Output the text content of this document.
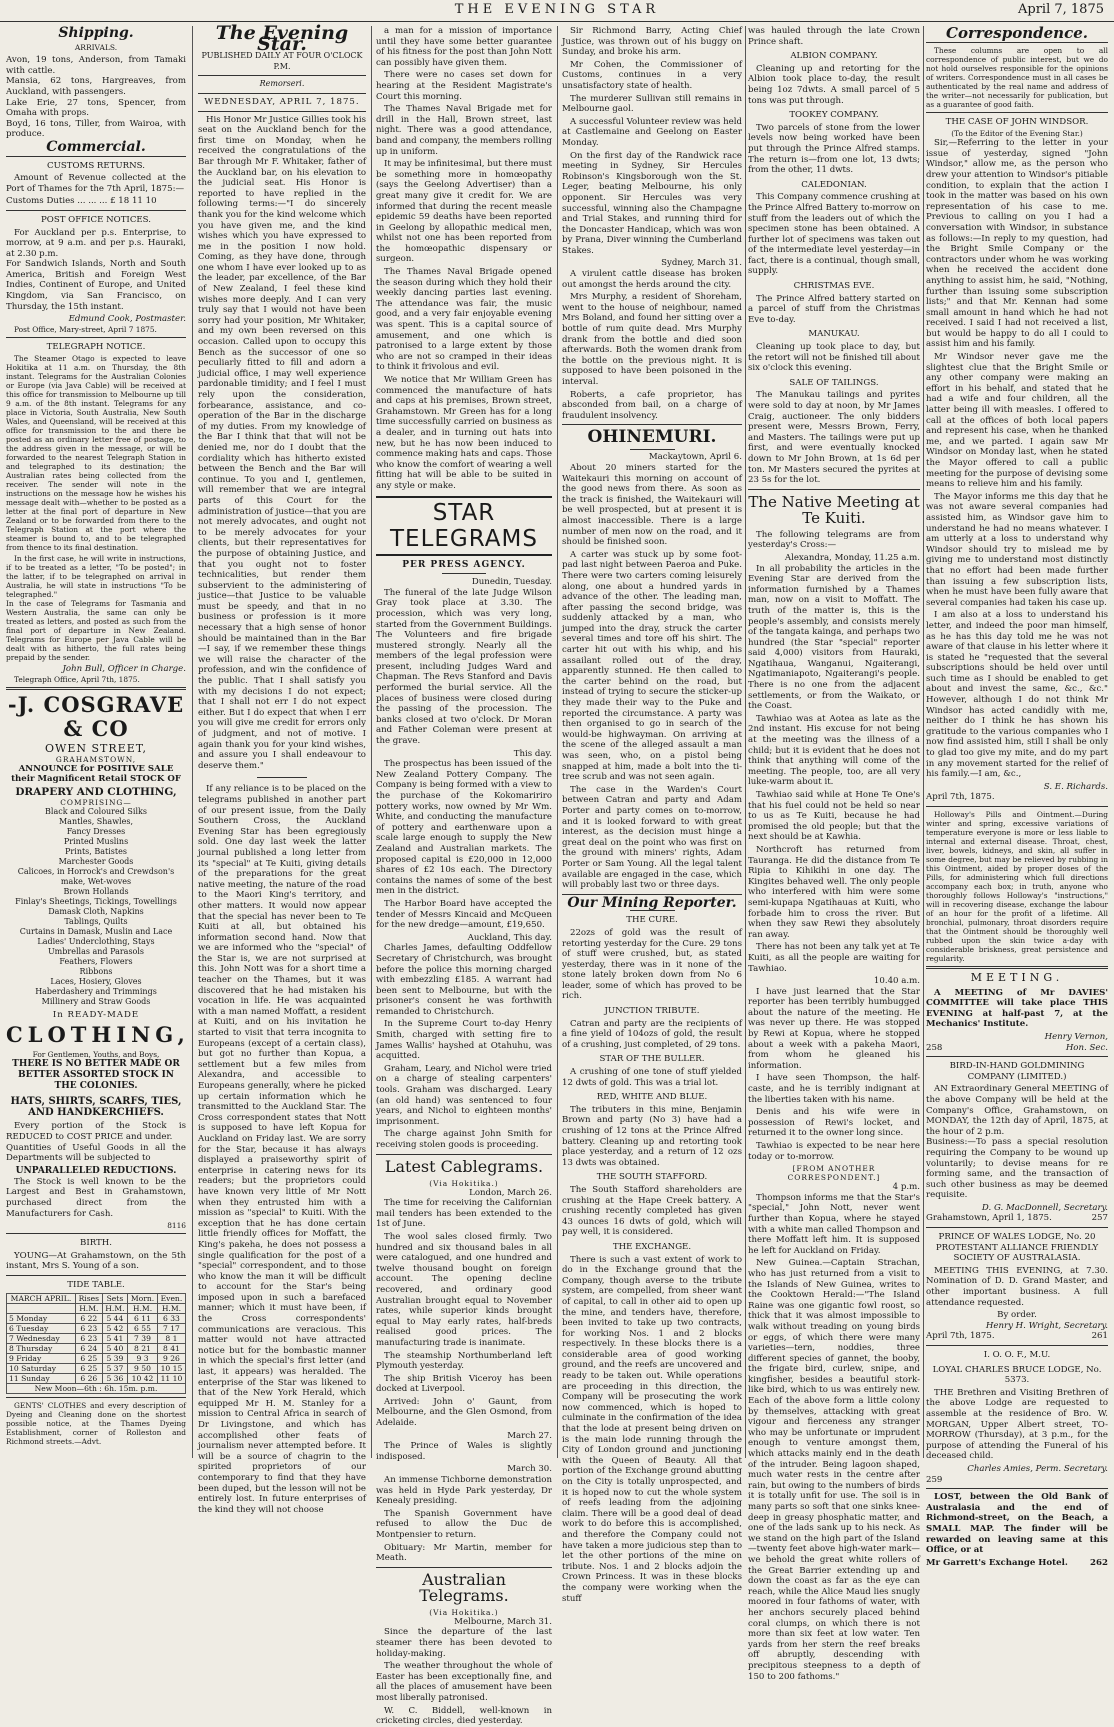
THE EVENING STAR	April 7, 1875
Shipping.
ARRIVALS.

Avon, 19 tons, Anderson, from Tamaki with cattle.
Mansia, 62 tons, Hargreaves, from Auckland, with passengers.
Lake Erie, 27 tons, Spencer, from Omaha with props.
Boyd, 16 tons, Tiller, from Wairoa, with produce.

Commercial.
CUSTOMS RETURNS.

Amount of Revenue collected at the Port of Thames for the 7th April, 1875:—

Customs Duties ... ... ... £ 18 11 10

POST OFFICE NOTICES.

For Auckland per p.s. Enterprise, to morrow, at 9 a.m. and per p.s. Hauraki, at 2.30 p.m.
For Sandwich Islands, North and South America, British and Foreign West Indies, Continent of Europe, and United Kingdom, via San Francisco, on Thursday, the 15th instant.

Edmund Cook, Postmaster.

Post Office, Mary-street, April 7 1875.

TELEGRAPH NOTICE.

The Steamer Otago is expected to leave Hokitika at 11 a.m. on Thursday, the 8th instant. Telegrams for the Australian Colonies or Europe (via Java Cable) will be received at this office for transmission to Melbourne up till 9 a.m. of the 8th instant. Telegrams for any place in Victoria, South Australia, New South Wales, and Queensland, will be received at this office for transmission to the and there be posted as an ordinary letter free of postage, to the address given in the message, or will be forwarded to the nearest Telegraph Station in and telegraphed to its destination; the Australian rates being collected from the receiver. The sender will note in the instructions on the message how he wishes his message dealt with—whether to be posted as a letter at the final port of departure in New Zealand or to be forwarded from there to the Telegraph Station at the port where the steamer is bound to, and to be telegraphed from thence to its final destination.

In the first case, he will write in instructions, if to be treated as a letter, "To be posted"; in the latter, if to be telegraphed on arrival in Australia, he will state in instructions "To be telegraphed."
In the case of Telegrams for Tasmania and Western Australia, the same can only be treated as letters, and posted as such from the final port of departure in New Zealand. Telegrams for Europe per Java Cable will be dealt with as hitherto, the full rates being prepaid by the sender.

John Bull, Officer in Charge.

Telegraph Office, April 7th, 1875.

-J. COSGRAVE & CO
OWEN STREET,
GRAHAMSTOWN,

ANNOUNCE for POSITIVE SALE their Magnificent Retail STOCK OF

DRAPERY AND CLOTHING,
COMPRISING—
Black and Coloured Silks
Mantles, Shawles,
Fancy Dresses
Printed Muslins
Prints, Batistes
Marchester Goods
Calicoes, in Horrock's and Crewdson's make, Wet-woves
Brown Hollands
Finlay's Sheetings, Tickings, Towellings
Damask Cloth, Napkins
Tablings, Quilts
Curtains in Damask, Muslin and Lace
Ladies' Underclothing, Stays
Umbrellas and Parasols
Feathers, Flowers
Ribbons
Laces, Hosiery, Gloves
Haberdashery and Trimmings
Millinery and Straw Goods
In READY-MADE
CLOTHING,
For Gentlemen, Youths, and Boys,
THERE IS NO BETTER MADE OR BETTER ASSORTED STOCK IN THE COLONIES.
HATS, SHIRTS, SCARFS, TIES, AND HANDKERCHIEFS.

Every portion of the Stock is REDUCED to COST PRICE and under.
Quantities of Useful Goods in all the Departments will be subjected to

UNPARALLELED REDUCTIONS.

The Stock is well known to be the Largest and Best in Grahamstown, purchased direct from the Manufacturers for Cash.

8116
BIRTH.

YOUNG—At Grahamstown, on the 5th instant, Mrs S. Young of a son.

TIDE TABLE.
MARCH APRIL.	Rises	Sets	Morn.	Even.
	H.M.	H.M.	H.M.	H.M.
5 Monday	6 22	5 44	6 11	6 33
6 Tuesday	6 23	5 42	6 55	7 17
7 Wednesday	6 23	5 41	7 39	8 1
8 Thursday	6 24	5 40	8 21	8 41
9 Friday	6 25	5 39	9 3	9 26
10 Saturday	6 25	5 37	9 50	10 15
11 Sunday	6 26	5 36	10 42	11 10
New Moon—6th : 6h. 15m. p.m.				

GENTS' CLOTHES and every description of Dyeing and Cleaning done on the shortest possible notice, at the Thames Dyeing Establishment, corner of Rolleston and Richmond streets.—Advt.

The Evening Star.
PUBLISHED DAILY AT FOUR O'CLOCK P.M.
Remorseri.
WEDNESDAY, APRIL 7, 1875.

His Honor Mr Justice Gillies took his seat on the Auckland bench for the first time on Monday, when he received the congratulations of the Bar through Mr F. Whitaker, father of the Auckland bar, on his elevation to the judicial seat. His Honor is reported to have replied in the following terms:—"I do sincerely thank you for the kind welcome which you have given me, and the kind wishes which you have expressed to me in the position I now hold. Coming, as they have done, through one whom I have ever looked up to as the leader, par excellence, of the Bar of New Zealand, I feel these kind wishes more deeply. And I can very truly say that I would not have been sorry had your position, Mr Whitaker, and my own been reversed on this occasion. Called upon to occupy this Bench as the successor of one so peculiarly fitted to fill and adorn a judicial office, I may well experience pardonable timidity; and I feel I must rely upon the consideration, forbearance, assistance, and co-operation of the Bar in the discharge of my duties. From my knowledge of the Bar I think that that will not be denied me, nor do I doubt that the cordiality which has hitherto existed between the Bench and the Bar will continue. To you and I, gentlemen, will remember that we are integral parts of this Court for the administration of justice—that you are not merely advocates, and ought not to be merely advocates for your clients, but their representatives for the purpose of obtaining Justice, and that you ought not to foster technicalities, but render them subservient to the administering of justice—that Justice to be valuable must be speedy, and that in no business or profession is it more necessary that a high sense of honor should be maintained than in the Bar—I say, if we remember these things we will raise the character of the profession, and win the confidence of the public. That I shall satisfy you with my decisions I do not expect; that I shall not err I do not expect either. But I do expect that when I err you will give me credit for errors only of judgment, and not of motive. I again thank you for your kind wishes, and assure you I shall endeavour to deserve them."

If any reliance is to be placed on the telegrams published in another part of our present issue, from the Daily Southern Cross, the Auckland Evening Star has been egregiously sold. One day last week the latter journal published a long letter from its "special" at Te Kuiti, giving details of the preparations for the great native meeting, the nature of the road to the Maori King's territory, and other matters. It would now appear that the special has never been to Te Kuiti at all, but obtained his information second hand. Now that we are informed who the "special" of the Star is, we are not surprised at this. John Nott was for a short time a teacher on the Thames, but it was discovered that he had mistaken his vocation in life. He was acquainted with a man named Moffatt, a resident at Kuiti, and on his invitation he started to visit that terra incognita to Europeans (except of a certain class), but got no further than Kopua, a settlement but a few miles from Alexandra, and accessible to Europeans generally, where he picked up certain information which he transmitted to the Auckland Star. The Cross correspondent states that Nott is supposed to have left Kopua for Auckland on Friday last. We are sorry for the Star, because it has always displayed a praiseworthy spirit of enterprise in catering news for its readers; but the proprietors could have known very little of Mr Nott when they entrusted him with a mission as "special" to Kuiti. With the exception that he has done certain little friendly offices for Moffatt, the King's pakeha, he does not possess a single qualification for the post of a "special" correspondent, and to those who know the man it will be difficult to account for the Star's being imposed upon in such a barefaced manner; which it must have been, if the Cross correspondents' communications are veracious. This matter would not have attracted notice but for the bombastic manner in which the special's first letter (and last, it appears) was heralded. The enterprise of the Star was likened to that of the New York Herald, which equipped Mr H. M. Stanley for a mission to Central Africa in search of Dr Livingstone, and which has accomplished other feats of journalism never attempted before. It will be a source of chagrin to the spirited proprietors of our contemporary to find that they have been duped, but the lesson will not be entirely lost. In future enterprises of the kind they will not choose

a man for a mission of importance until they have some better guarantee of his fitness for the post than John Nott can possibly have given them.

There were no cases set down for hearing at the Resident Magistrate's Court this morning.

The Thames Naval Brigade met for drill in the Hall, Brown street, last night. There was a good attendance, band and company, the members rolling up in uniform.

It may be infinitesimal, but there must be something more in homœopathy (says the Geelong Advertiser) than a great many give it credit for. We are informed that during the recent measle epidemic 59 deaths have been reported in Geelong by allopathic medical men, whilst not one has been reported from the homœopathic dispensary or surgeon.

The Thames Naval Brigade opened the season during which they hold their weekly dancing parties last evening. The attendance was fair, the music good, and a very fair enjoyable evening was spent. This is a capital source of amusement, and one which is patronised to a large extent by those who are not so cramped in their ideas to think it frivolous and evil.

We notice that Mr William Green has commenced the manufacture of hats and caps at his premises, Brown street, Grahamstown. Mr Green has for a long time successfully carried on business as a dealer, and in turning out hats into new, but he has now been induced to commence making hats and caps. Those who know the comfort of wearing a well fitting hat will be able to be suited in any style or make.

STAR TELEGRAMS
PER PRESS AGENCY.
Dunedin, Tuesday.

The funeral of the late Judge Wilson Gray took place at 3.30. The procession, which was very long, started from the Government Buildings. The Volunteers and fire brigade mustered strongly. Nearly all the members of the legal profession were present, including Judges Ward and Chapman. The Revs Stanford and Davis performed the burial service. All the places of business were closed during the passing of the procession. The banks closed at two o'clock. Dr Moran and Father Coleman were present at the grave.

This day.

The prospectus has been issued of the New Zealand Pottery Company. The Company is being formed with a view to the purchase of the Kokomaririro pottery works, now owned by Mr Wm. White, and conducting the manufacture of pottery and earthenware upon a scale large enough to supply the New Zealand and Australian markets. The proposed capital is £20,000 in 12,000 shares of £2 10s each. The Directory contains the names of some of the best men in the district.

The Harbor Board have accepted the tender of Messrs Kincaid and McQueen for the new dredge—amount, £19,650.

Auckland, This day.

Charles James, defaulting Oddfellow Secretary of Christchurch, was brought before the police this morning charged with embezzling £185. A warrant had been sent to Melbourne, but with the prisoner's consent he was forthwith remanded to Christchurch.

In the Supreme Court to-day Henry Smith, charged with setting fire to James Wallis' hayshed at Otahuhu, was acquitted.

Graham, Leary, and Nichol were tried on a charge of stealing carpenters' tools. Graham was discharged. Leary (an old hand) was sentenced to four years, and Nichol to eighteen months' imprisonment.

The charge against John Smith for receiving stolen goods is proceeding.

Latest Cablegrams.
(Via Hokitika.)
London, March 26.

The time for receiving the Californian mail tenders has been extended to the 1st of June.

The wool sales closed firmly. Two hundred and six thousand bales in all were catalogued, and one hundred and twelve thousand bought on foreign account. The opening decline recovered, and ordinary good Australian brought equal to November rates, while superior kinds brought equal to May early rates, half-breds realised good prices. The manufacturing trade is inanimate.

The steamship Northumberland left Plymouth yesterday.

The ship British Viceroy has been docked at Liverpool.

Arrived: John o' Gaunt, from Melbourne, and the Glen Osmond, from Adelaide.

March 27.

The Prince of Wales is slightly indisposed.

March 30.

An immense Tichborne demonstration was held in Hyde Park yesterday, Dr Kenealy presiding.

The Spanish Government have refused to allow the Duc de Montpensier to return.

Obituary: Mr Martin, member for Meath.

Australian Telegrams.
(Via Hokitika.)
Melbourne, March 31.

Since the departure of the last steamer there has been devoted to holiday-making.

The weather throughout the whole of Easter has been exceptionally fine, and all the places of amusement have been most liberally patronised.

W. C. Biddell, well-known in cricketing circles, died yesterday.

Sir Richmond Barry, Acting Chief Justice, was thrown out of his buggy on Sunday, and broke his arm.

Mr Cohen, the Commissioner of Customs, continues in a very unsatisfactory state of health.

The murderer Sullivan still remains in Melbourne gaol.

A successful Volunteer review was held at Castlemaine and Geelong on Easter Monday.

On the first day of the Randwick race meeting in Sydney, Sir Hercules Robinson's Kingsborough won the St. Leger, beating Melbourne, his only opponent. Sir Hercules was very successful, winning also the Champagne and Trial Stakes, and running third for the Doncaster Handicap, which was won by Prana, Diver winning the Cumberland Stakes.

Sydney, March 31.

A virulent cattle disease has broken out amongst the herds around the city.

Mrs Murphy, a resident of Shoreham, went to the house of neighbour, named Mrs Boland, and found her sitting over a bottle of rum quite dead. Mrs Murphy drank from the bottle and died soon afterwards. Both the women drank from the bottle on the previous night. It is supposed to have been poisoned in the interval.

Roberts, a cafe proprietor, has absconded from bail, on a charge of fraudulent insolvency.

OHINEMURI.
Mackaytown, April 6.

About 20 miners started for the Waitekauri this morning on account of the good news from there. As soon as the track is finished, the Waitekauri will be well prospected, but at present it is almost inaccessible. There is a large number of men now on the road, and it should be finished soon.

A carter was stuck up by some foot-pad last night between Paeroa and Puke. There were two carters coming leisurely along, one about a hundred yards in advance of the other. The leading man, after passing the second bridge, was suddenly attacked by a man, who jumped into the dray, struck the carter several times and tore off his shirt. The carter hit out with his whip, and his assailant rolled out of the dray, apparently stunned. He then called to the carter behind on the road, but instead of trying to secure the sticker-up they made their way to the Puke and reported the circumstance. A party was then organised to go in search of the would-be highwayman. On arriving at the scene of the alleged assault a man was seen, who, on a pistol being snapped at him, made a bolt into the ti-tree scrub and was not seen again.

The case in the Warden's Court between Catran and party and Adam Porter and party comes on to-morrow, and it is looked forward to with great interest, as the decision must hinge a great deal on the point who was first on the ground with miners' rights, Adam Porter or Sam Young. All the legal talent available are engaged in the case, which will probably last two or three days.

Our Mining Reporter.
THE CURE.

22ozs of gold was the result of retorting yesterday for the Cure. 29 tons of stuff were crushed, but, as stated yesterday, there was in it none of the stone lately broken down from No 6 leader, some of which has proved to be rich.

JUNCTION TRIBUTE.

Catran and party are the recipients of a fine yield of 104ozs of gold, the result of a crushing, just completed, of 29 tons.

STAR OF THE BULLER.

A crushing of one tone of stuff yielded 12 dwts of gold. This was a trial lot.

RED, WHITE AND BLUE.

The tributers in this mine, Benjamin Brown and party (No 3) have had a crushing of 12 tons at the Prince Alfred battery. Cleaning up and retorting took place yesterday, and a return of 12 ozs 13 dwts was obtained.

THE SOUTH STAFFORD.

The South Stafford shareholders are crushing at the Hape Creek battery. A crushing recently completed has given 43 ounces 16 dwts of gold, which will pay well, it is considered.

THE EXCHANGE.

There is such a vast extent of work to do in the Exchange ground that the Company, though averse to the tribute system, are compelled, from sheer want of capital, to call in other aid to open up the mine, and tenders have, therefore, been invited to take up two contracts, for working Nos. 1 and 2 blocks respectively. In these blocks there is a considerable area of good working ground, and the reefs are uncovered and ready to be taken out. While operations are proceeding in this direction, the Company will be prosecuting the work now commenced, which is hoped to culminate in the confirmation of the idea that the lode at present being driven on is the main lode running through the City of London ground and junctioning with the Queen of Beauty. All that portion of the Exchange ground abutting on the City is totally unprospected, and it is hoped now to cut the whole system of reefs leading from the adjoining claim. There will be a good deal of dead work to do before this is accomplished, and therefore the Company could not have taken a more judicious step than to let the other portions of the mine on tribute. Nos. 1 and 2 blocks adjoin the Crown Princess. It was in these blocks the company were working when the stuff

was hauled through the late Crown Prince shaft.

ALBION COMPANY.

Cleaning up and retorting for the Albion took place to-day, the result being 1oz 7dwts. A small parcel of 5 tons was put through.

TOOKEY COMPANY.

Two parcels of stone from the lower levels now being worked have been put through the Prince Alfred stamps. The return is—from one lot, 13 dwts; from the other, 11 dwts.

CALEDONIAN.

This Company commence crushing at the Prince Alfred Battery to-morrow on stuff from the leaders out of which the specimen stone has been obtained. A further lot of specimens was taken out of the intermediate level yesterday—in fact, there is a continual, though small, supply.

CHRISTMAS EVE.

The Prince Alfred battery started on a parcel of stuff from the Christmas Eve to-day.

MANUKAU.

Cleaning up took place to day, but the retort will not be finished till about six o'clock this evening.

SALE OF TAILINGS.

The Manukau tailings and pyrites were sold to day at noon, by Mr James Craig, auctioneer. The only bidders present were, Messrs Brown, Ferry, and Masters. The tailings were put up first, and were eventually knocked down to Mr John Brown, at 1s 6d per ton. Mr Masters secured the pyrites at 23 5s for the lot.

The Native Meeting at Te Kuiti.

The following telegrams are from yesterday's Cross:—

Alexandra, Monday, 11.25 a.m.

In all probability the articles in the Evening Star are derived from the information furnished by a Thames man, now on a visit to Moffatt. The truth of the matter is, this is the people's assembly, and consists merely of the tangata kainga, and perhaps two hundred (the Star "special" reporter said 4,000) visitors from Hauraki, Ngatihaua, Wanganui, Ngaiterangi, Ngatimaniapoto, Ngaiterangi's people. There is no one from the adjacent settlements, or from the Waikato, or the Coast.

Tawhiao was at Aotea as late as the 2nd instant. His excuse for not being at the meeting was the illness of a child; but it is evident that he does not think that anything will come of the meeting. The people, too, are all very luke-warm about it.

Tawhiao said while at Hone Te One's that his fuel could not be held so near to us as Te Kuiti, because he had promised the old people; but that the next should be at Kawhia.

Northcroft has returned from Tauranga. He did the distance from Te Ripia to Kihikihi in one day. The Kingites behaved well. The only people who interfered with him were some semi-kupapa Ngatihauas at Kuiti, who forbade him to cross the river. But when they saw Rewi they absolutely ran away.

There has not been any talk yet at Te Kuiti, as all the people are waiting for Tawhiao.

10.40 a.m.

I have just learned that the Star reporter has been terribly humbugged about the nature of the meeting. He was never up there. He was stopped by Rewi at Kopua, where he stopped about a week with a pakeha Maori, from whom he gleaned his information.

I have seen Thompson, the half-caste, and he is terribly indignant at the liberties taken with his name.

Denis and his wife were in possession of Rewi's locket, and returned it to the owner long since.

Tawhiao is expected to be near here today or to-morrow.

[FROM ANOTHER CORRESPONDENT.]
4 p.m.

Thompson informs me that the Star's "special," John Nott, never went further than Kopua, where he stayed with a white man called Thompson and there Moffatt left him. It is supposed he left for Auckland on Friday.

New Guinea.—Captain Strachan, who has just returned from a visit to the Islands of New Guinea, writes to the Cooktown Herald:—"The Island Raine was one gigantic fowl roost, so thick that it was almost impossible to walk without treading on young birds or eggs, of which there were many varieties—tern, noddies, three different species of gannet, the booby, the frigate bird, curlew, snipe, and kingfisher, besides a beautiful stork-like bird, which to us was entirely new. Each of the above form a little colony by themselves, attacking with great vigour and fierceness any stranger who may be unfortunate or imprudent enough to venture amongst them, which attacks mainly end in the death of the intruder. Being lagoon shaped, much water rests in the centre after rain, but owing to the numbers of birds it is totally unfit for use. The soil is in many parts so soft that one sinks knee-deep in greasy phosphatic matter, and one of the lads sank up to his neck. As we stand on the high part of the Island—twenty feet above high-water mark—we behold the great white rollers of the Great Barrier extending up and down the coast as far as the eye can reach, while the Alice Maud lies snugly moored in four fathoms of water, with her anchors securely placed behind coral clumps, on which there is not more than six feet at low water. Ten yards from her stern the reef breaks off abruptly, descending with precipitous steepness to a depth of 150 to 200 fathoms."

Correspondence.

These columns are open to all correspondence of public interest, but we do not hold ourselves responsible for the opinions of writers. Correspondence must in all cases be authenticated by the real name and address of the writer—not necessarily for publication, but as a guarantee of good faith.

THE CASE OF JOHN WINDSOR.
(To the Editor of the Evening Star.)

Sir,—Referring to the letter in your issue of yesterday, signed "John Windsor," allow me, as the person who drew your attention to Windsor's pitiable condition, to explain that the action I took in the matter was based on his own representation of his case to me. Previous to calling on you I had a conversation with Windsor, in substance as follows:—In reply to my question, had the Bright Smile Company or the contractors under whom he was working when he received the accident done anything to assist him, he said, "Nothing, further than issuing some subscription lists;" and that Mr. Kennan had some small amount in hand which he had not received. I said I had not received a list, but would be happy to do all I could to assist him and his family.

Mr Windsor never gave me the slightest clue that the Bright Smile or any other company were making an effort in his behalf, and stated that he had a wife and four children, all the latter being ill with measles. I offered to call at the offices of both local papers and represent his case, when he thanked me, and we parted. I again saw Mr Windsor on Monday last, when he stated the Mayor offered to call a public meeting for the purpose of devising some means to relieve him and his family.

The Mayor informs me this day that he was not aware several companies had assisted him, as Windsor gave him to understand he had no means whatever. I am utterly at a loss to understand why Windsor should try to mislead me by giving me to understand most distinctly that no effort had been made further than issuing a few subscription lists, when he must have been fully aware that several companies had taken his case up.

I am also at a loss to understand his letter, and indeed the poor man himself, as he has this day told me he was not aware of that clause in his letter where it is stated he "requested that the several subscriptions should be held over until such time as I should be enabled to get about and invest the same, &c., &c." However, although I do not think Mr Windsor has acted candidly with me, neither do I think he has shown his gratitude to the various companies who I now find assisted him, still I shall be only to glad too give my mite, and do my part in any movement started for the relief of his family.—I am, &c.,

S. E. Richards.

April 7th, 1875.

Holloway's Pills and Ointment.—During winter and spring, excessive variations of temperature everyone is more or less liable to internal and external disease. Throat, chest, liver, bowels, kidneys, and skin, all suffer in some degree, but may be relieved by rubbing in this Ointment, aided by proper doses of the Pills, for administering which full directions accompany each box; in truth, anyone who thoroughly follows Holloway's "instructions," will in recovering disease, exchange the labour of an hour for the profit of a lifetime. All bronchial, pulmonary, throat disorders require that the Ointment should be thoroughly well rubbed upon the skin twice a-day with considerable briskness, great persistence and regularity.

MEETING.

A MEETING of Mr DAVIES' COMMITTEE will take place THIS EVENING at half-past 7, at the Mechanics' Institute.

Henry Vernon,
258	Hon. Sec.
BIRD-IN-HAND GOLDMINING COMPANY (LIMITED.)

AN Extraordinary General MEETING of the above Company will be held at the Company's Office, Grahamstown, on MONDAY, the 12th day of April, 1875, at the hour of 2 p.m.
Business:—To pass a special resolution requiring the Company to be wound up voluntarily; to devise means for re forming same, and the transaction of such other business as may be deemed requisite.

D. G. MacDonnell, Secretary.
Grahamstown, April 1, 1875.	257
PRINCE OF WALES LODGE, No. 20 PROTESTANT ALLIANCE FRIENDLY SOCIETY OF AUSTRALASIA.

MEETING THIS EVENING, at 7.30. Nomination of D. D. Grand Master, and other important business. A full attendance requested.

By order.
Henry H. Wright, Secretary.
April 7th, 1875.	261
I. O. O. F., M.U.
LOYAL CHARLES BRUCE LODGE, No. 5373.

THE Brethren and Visiting Brethren of the above Lodge are requested to assemble at the residence of Bro. W. MORGAN, Upper Albert street, TO-MORROW (Thursday), at 3 p.m., for the purpose of attending the Funeral of his deceased child.

Charles Amies, Perm. Secretary.
259

LOST, between the Old Bank of Australasia and the end of Richmond-street, on the Beach, a SMALL MAP. The finder will be rewarded on leaving same at this Office, or at

Mr Garrett's Exchange Hotel.	262
